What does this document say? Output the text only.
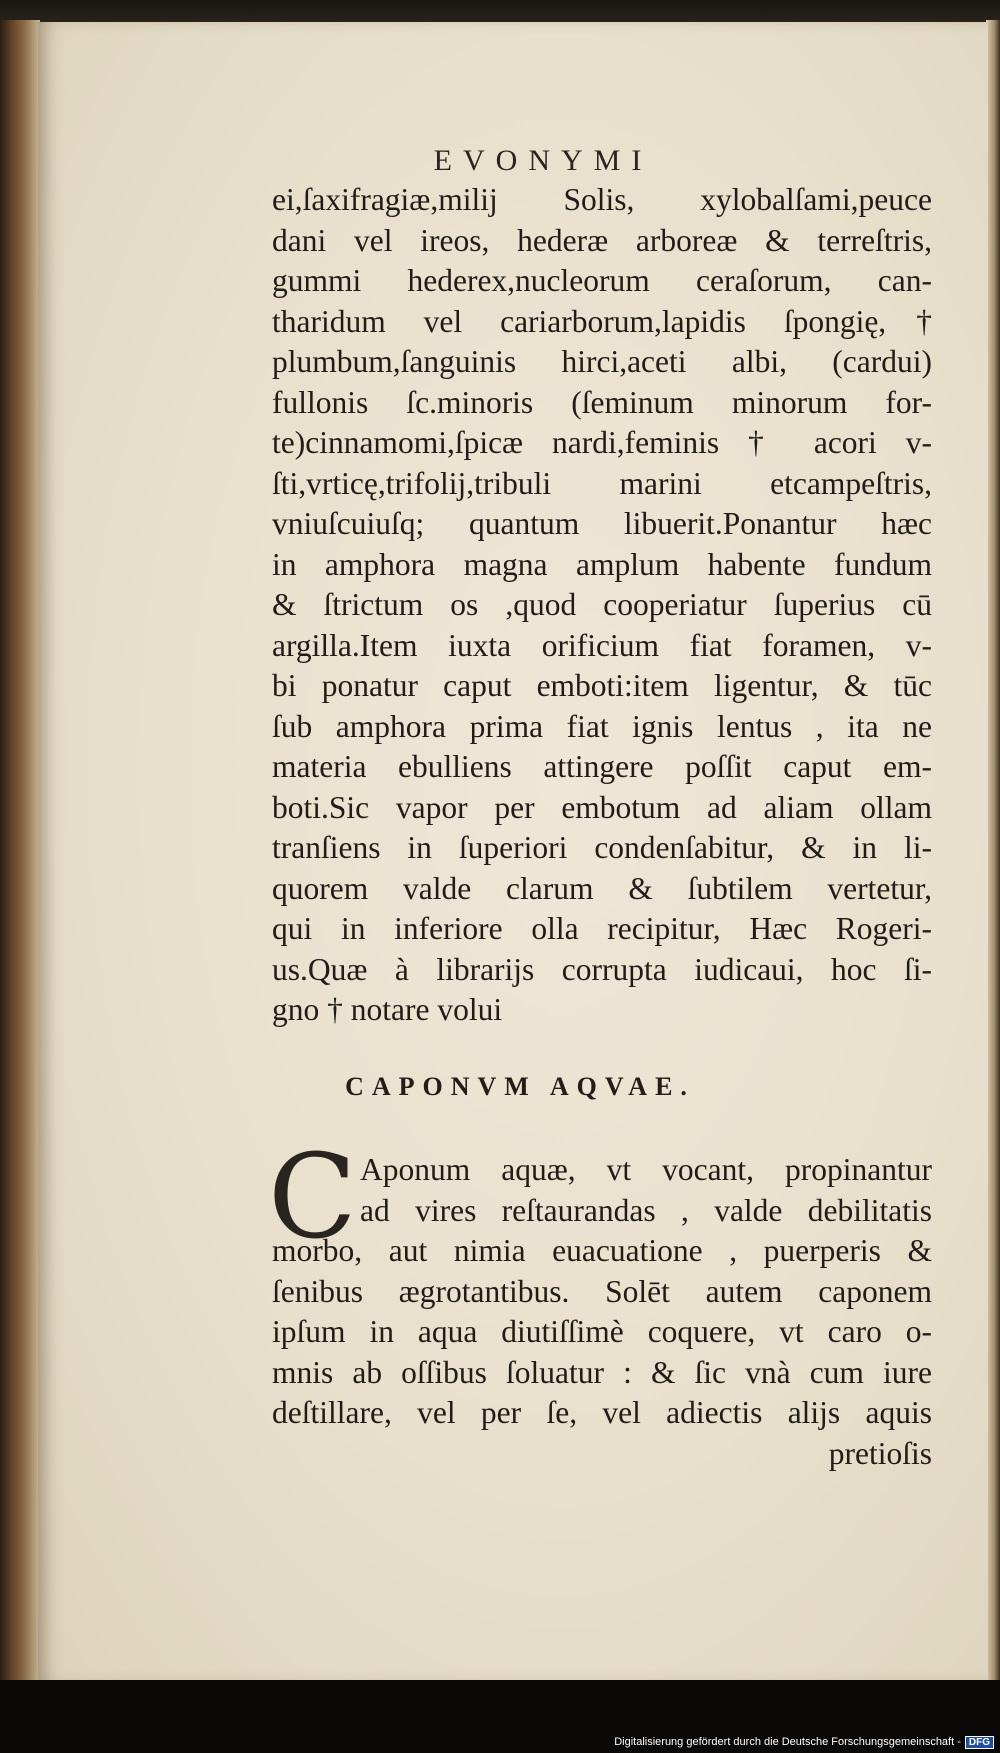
EVONYMI
ei,ſaxifragiæ,milij Solis, xylobalſami,peuce
dani vel ireos, hederæ arboreæ & terreſtris,
gummi hederex,nucleorum ceraſorum, can-
tharidum vel cariarborum,lapidis ſpongię,†
plumbum,ſanguinis hirci,aceti albi, (cardui)
fullonis ſc.minoris (ſeminum minorum for-
te)cinnamomi,ſpicæ nardi,feminis † acori v-
ſti,vrticę,trifolij,tribuli marini etcampeſtris,
vniuſcuiuſq; quantum libuerit.Ponantur hæc
in amphora magna amplum habente fundum
& ſtrictum os ,quod cooperiatur ſuperius cū
argilla.Item iuxta orificium fiat foramen, v-
bi ponatur caput emboti:item ligentur, & tūc
ſub amphora prima fiat ignis lentus , ita ne
materia ebulliens attingere poſſit caput em-
boti.Sic vapor per embotum ad aliam ollam
tranſiens in ſuperiori condenſabitur, & in li-
quorem valde clarum & ſubtilem vertetur,
qui in inferiore olla recipitur, Hæc Rogeri-
us.Quæ à librarijs corrupta iudicaui, hoc ſi-
gno † notare volui
CAPONVM AQVAE.
C Aponum aquæ, vt vocant, propinantur
ad vires reſtaurandas , valde debilitatis
morbo, aut nimia euacuatione , puerperis &
ſenibus ægrotantibus. Solēt autem caponem
ipſum in aqua diutiſſimè coquere, vt caro o-
mnis ab oſſibus ſoluatur : & ſic vnà cum iure
deſtillare, vel per ſe, vel adiectis alijs aquis
pretioſis
Digitalisierung gefördert durch die Deutsche Forschungsgemeinschaft - DFG
